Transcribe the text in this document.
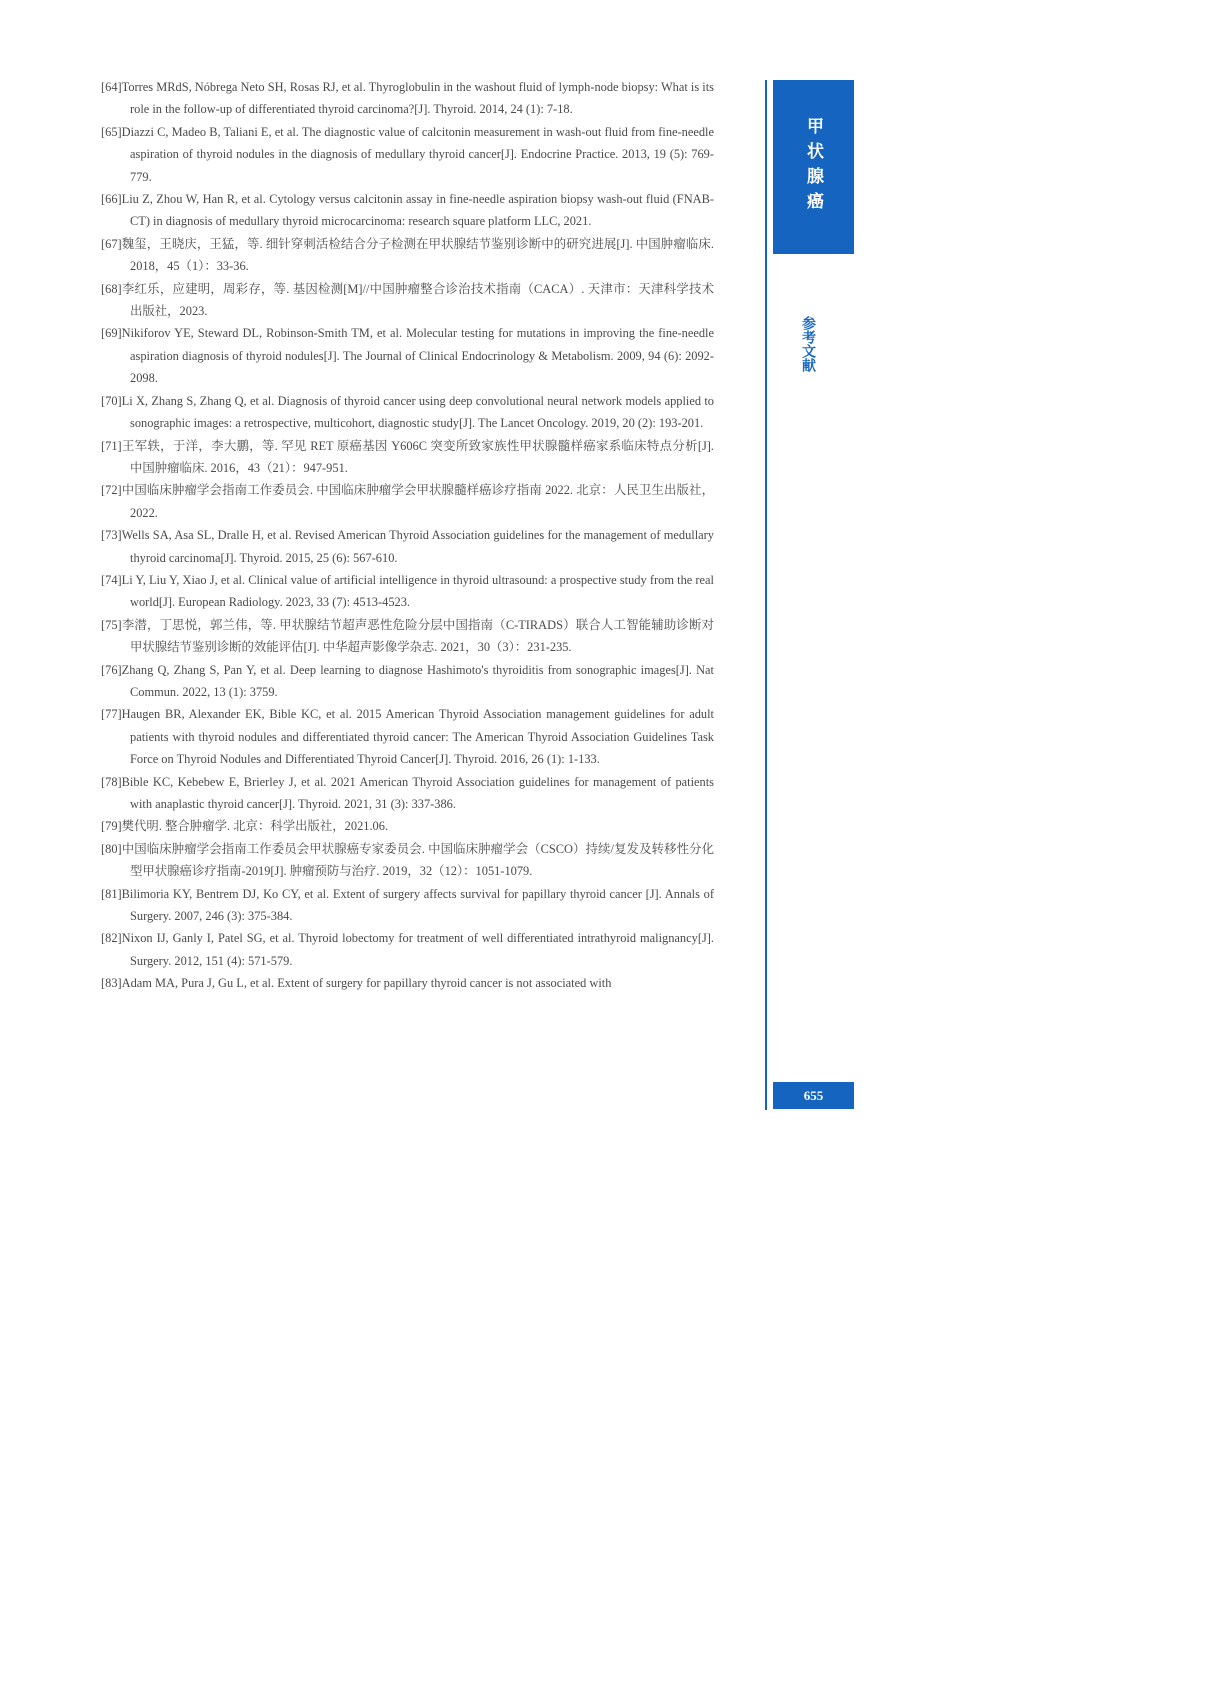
[64]Torres MRdS, Nóbrega Neto SH, Rosas RJ, et al. Thyroglobulin in the washout fluid of lymph-node biopsy: What is its role in the follow-up of differentiated thyroid carcinoma?[J]. Thyroid. 2014, 24 (1): 7-18.
[65]Diazzi C, Madeo B, Taliani E, et al. The diagnostic value of calcitonin measurement in wash-out fluid from fine-needle aspiration of thyroid nodules in the diagnosis of medullary thyroid cancer[J]. Endocrine Practice. 2013, 19 (5): 769-779.
[66]Liu Z, Zhou W, Han R, et al. Cytology versus calcitonin assay in fine-needle aspiration biopsy wash-out fluid (FNAB-CT) in diagnosis of medullary thyroid microcarcinoma: research square platform LLC, 2021.
[67]魏玺，王晓庆，王猛，等. 细针穿刺活检结合分子检测在甲状腺结节鉴别诊断中的研究进展[J]. 中国肿瘤临床. 2018，45（1）：33-36.
[68]李红乐，应建明，周彩存，等. 基因检测[M]//中国肿瘤整合诊治技术指南（CACA）. 天津市：天津科学技术出版社，2023.
[69]Nikiforov YE, Steward DL, Robinson-Smith TM, et al. Molecular testing for mutations in improving the fine-needle aspiration diagnosis of thyroid nodules[J]. The Journal of Clinical Endocrinology & Metabolism. 2009, 94 (6): 2092-2098.
[70]Li X, Zhang S, Zhang Q, et al. Diagnosis of thyroid cancer using deep convolutional neural network models applied to sonographic images: a retrospective, multicohort, diagnostic study[J]. The Lancet Oncology. 2019, 20 (2): 193-201.
[71]王军轶，于洋，李大鹏，等. 罕见 RET 原癌基因 Y606C 突变所致家族性甲状腺髓样癌家系临床特点分析[J]. 中国肿瘤临床. 2016，43（21）：947-951.
[72]中国临床肿瘤学会指南工作委员会. 中国临床肿瘤学会甲状腺髓样癌诊疗指南 2022. 北京：人民卫生出版社，2022.
[73]Wells SA, Asa SL, Dralle H, et al. Revised American Thyroid Association guidelines for the management of medullary thyroid carcinoma[J]. Thyroid. 2015, 25 (6): 567-610.
[74]Li Y, Liu Y, Xiao J, et al. Clinical value of artificial intelligence in thyroid ultrasound: a prospective study from the real world[J]. European Radiology. 2023, 33 (7): 4513-4523.
[75]李潜，丁思悦，郭兰伟，等. 甲状腺结节超声恶性危险分层中国指南（C-TIRADS）联合人工智能辅助诊断对甲状腺结节鉴别诊断的效能评估[J]. 中华超声影像学杂志. 2021，30（3）：231-235.
[76]Zhang Q, Zhang S, Pan Y, et al. Deep learning to diagnose Hashimoto's thyroiditis from sonographic images[J]. Nat Commun. 2022, 13 (1): 3759.
[77]Haugen BR, Alexander EK, Bible KC, et al. 2015 American Thyroid Association management guidelines for adult patients with thyroid nodules and differentiated thyroid cancer: The American Thyroid Association Guidelines Task Force on Thyroid Nodules and Differentiated Thyroid Cancer[J]. Thyroid. 2016, 26 (1): 1-133.
[78]Bible KC, Kebebew E, Brierley J, et al. 2021 American Thyroid Association guidelines for management of patients with anaplastic thyroid cancer[J]. Thyroid. 2021, 31 (3): 337-386.
[79]樊代明. 整合肿瘤学. 北京：科学出版社，2021.06.
[80]中国临床肿瘤学会指南工作委员会甲状腺癌专家委员会. 中国临床肿瘤学会（CSCO）持续/复发及转移性分化型甲状腺癌诊疗指南-2019[J]. 肿瘤预防与治疗. 2019，32（12）：1051-1079.
[81]Bilimoria KY, Bentrem DJ, Ko CY, et al. Extent of surgery affects survival for papillary thyroid cancer [J]. Annals of Surgery. 2007, 246 (3): 375-384.
[82]Nixon IJ, Ganly I, Patel SG, et al. Thyroid lobectomy for treatment of well differentiated intrathyroid malignancy[J]. Surgery. 2012, 151 (4): 571-579.
[83]Adam MA, Pura J, Gu L, et al. Extent of surgery for papillary thyroid cancer is not associated with
甲状腺癌
参考文献
655
